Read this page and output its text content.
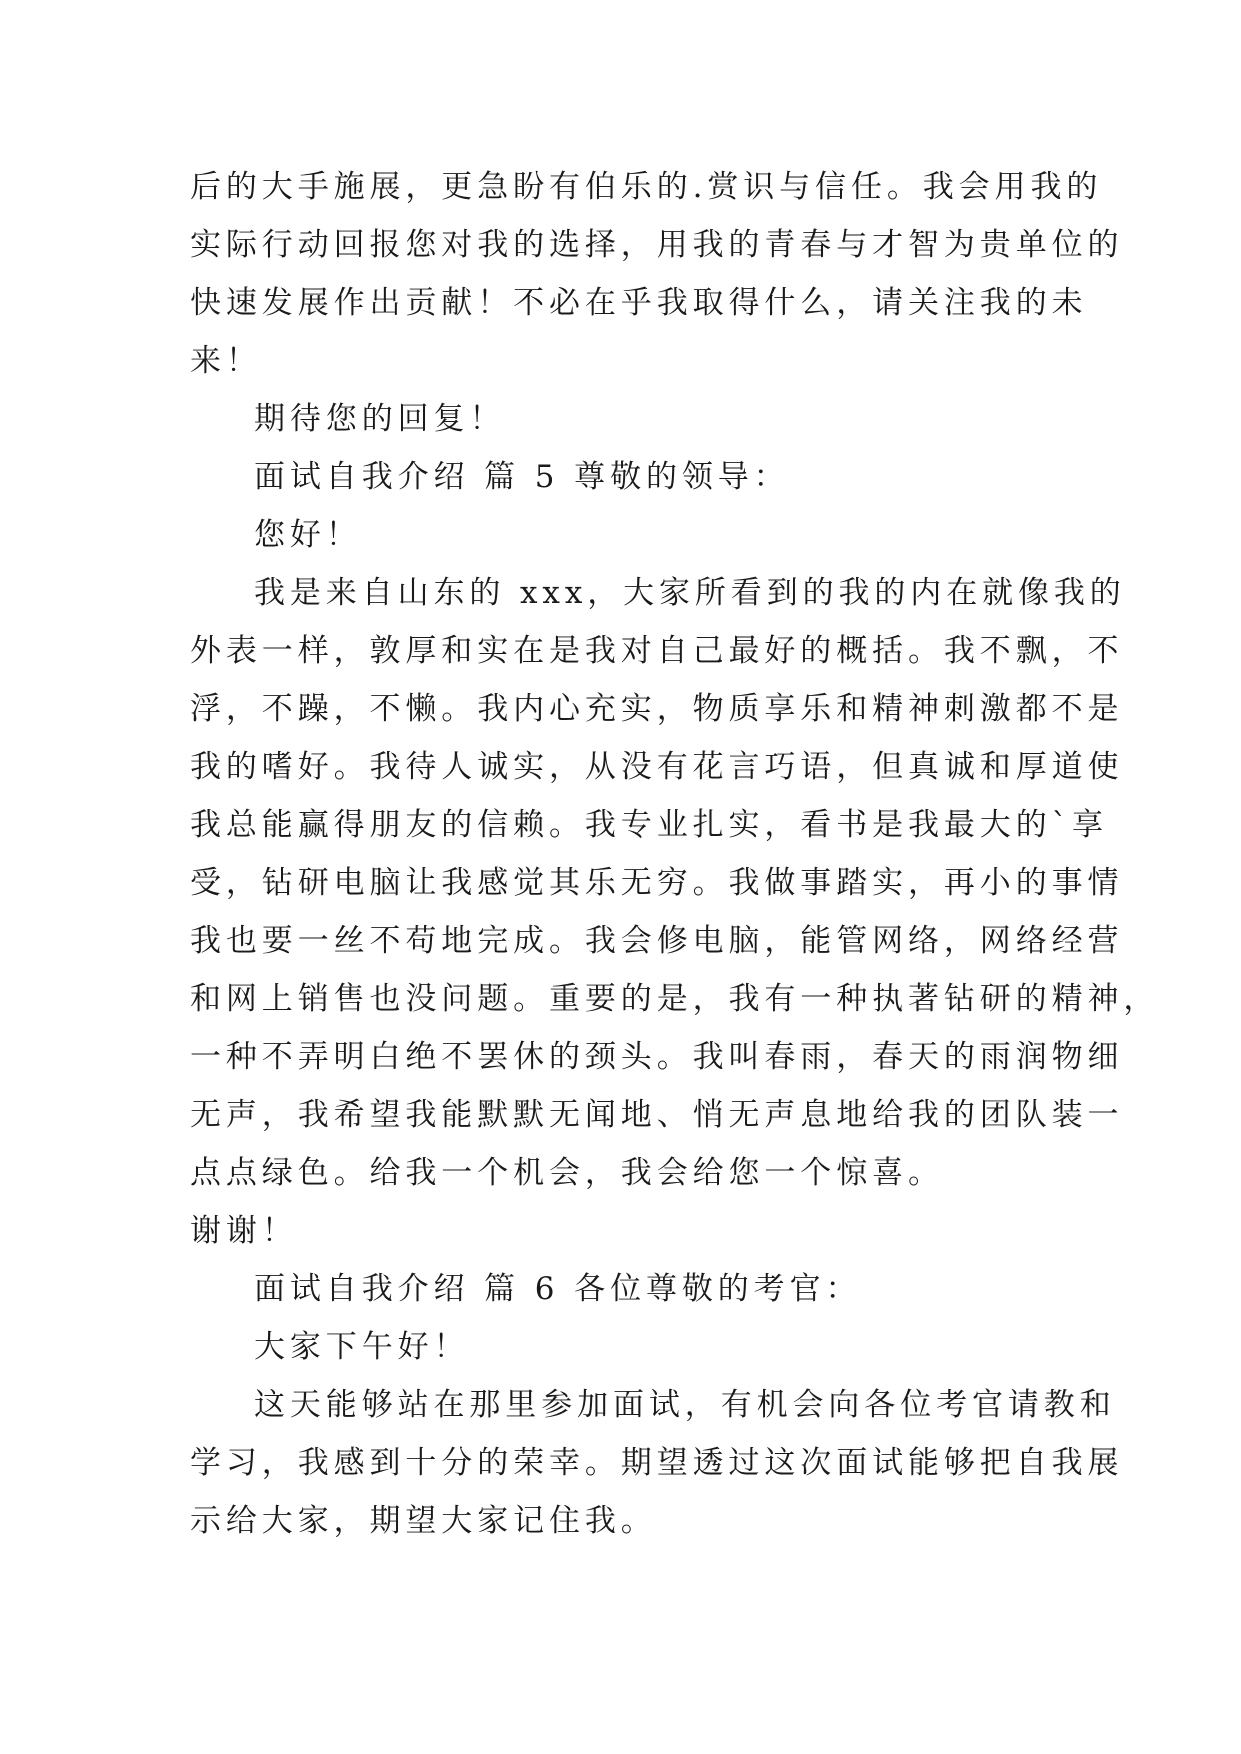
后的大手施展，更急盼有伯乐的.赏识与信任。我会用我的
实际行动回报您对我的选择，用我的青春与才智为贵单位的
快速发展作出贡献！不必在乎我取得什么，请关注我的未
来！
期待您的回复！
面试自我介绍 篇 5 尊敬的领导：
您好！
我是来自山东的 xxx，大家所看到的我的内在就像我的
外表一样，敦厚和实在是我对自己最好的概括。我不飘，不
浮，不躁，不懒。我内心充实，物质享乐和精神刺激都不是
我的嗜好。我待人诚实，从没有花言巧语，但真诚和厚道使
我总能赢得朋友的信赖。我专业扎实，看书是我最大的`享
受，钻研电脑让我感觉其乐无穷。我做事踏实，再小的事情
我也要一丝不苟地完成。我会修电脑，能管网络，网络经营
和网上销售也没问题。重要的是，我有一种执著钻研的精神，
一种不弄明白绝不罢休的颈头。我叫春雨，春天的雨润物细
无声，我希望我能默默无闻地、悄无声息地给我的团队装一
点点绿色。给我一个机会，我会给您一个惊喜。
谢谢！
面试自我介绍 篇 6 各位尊敬的考官：
大家下午好！
这天能够站在那里参加面试，有机会向各位考官请教和
学习，我感到十分的荣幸。期望透过这次面试能够把自我展
示给大家，期望大家记住我。
